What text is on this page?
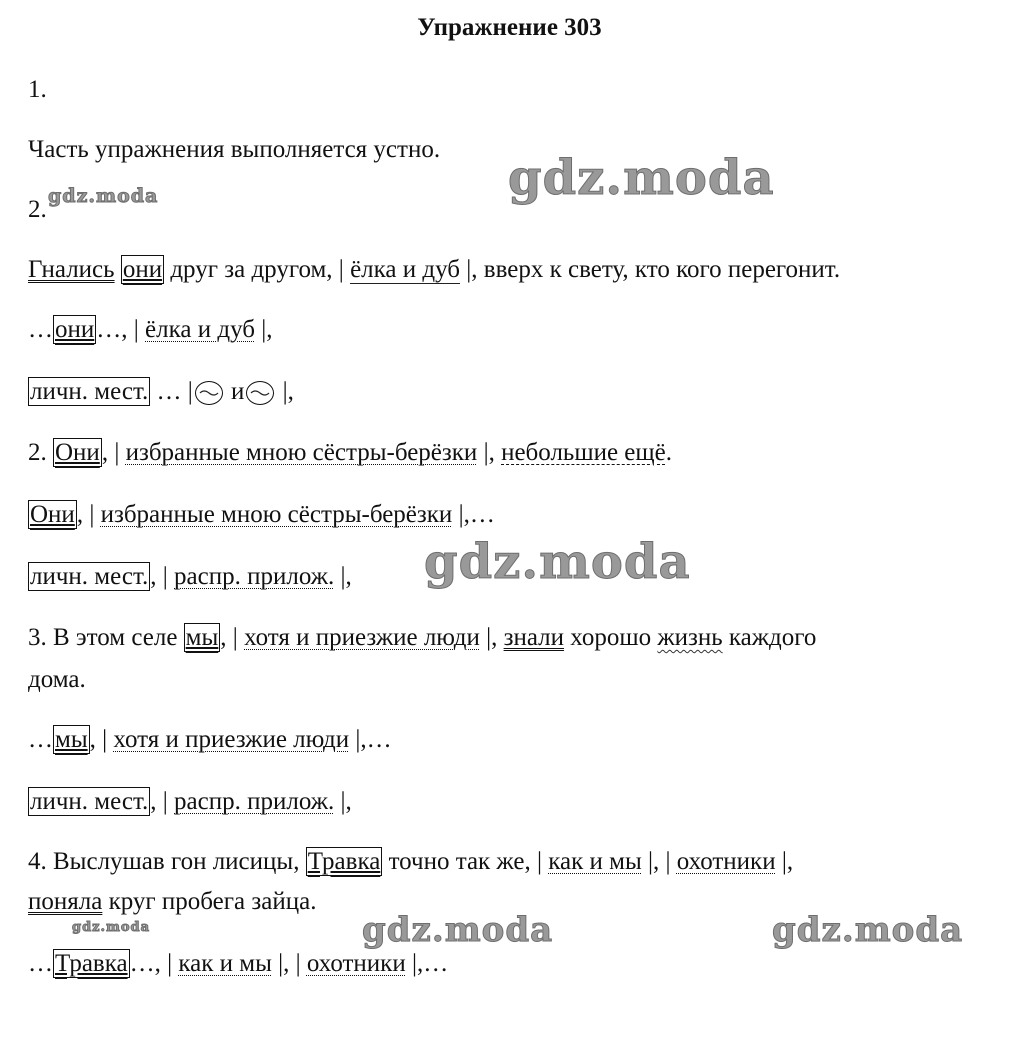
Упражнение 303
1.
Часть упражнения выполняется устно.
2.
Гнались они друг за другом, | ёлка и дуб |, вверх к свету, кто кого перегонит.
…они…, | ёлка и дуб |,
личн. мест. … |
и
|,
2. Они, | избранные мною сёстры-берёзки |, небольшие ещё.
Они, | избранные мною сёстры-берёзки |,…
личн. мест., | распр. прилож. |,
3. В этом селе мы, | хотя и приезжие люди |, знали хорошо жизнь каждого
дома.
…мы, | хотя и приезжие люди |,…
личн. мест., | распр. прилож. |,
4. Выслушав гон лисицы, Травка точно так же, | как и мы |, | охотники |,
поняла круг пробега зайца.
…Травка…, | как и мы |, | охотники |,…
gdz.moda
gdz.moda
gdz.moda
gdz.moda	gdz.moda
gdz.moda
